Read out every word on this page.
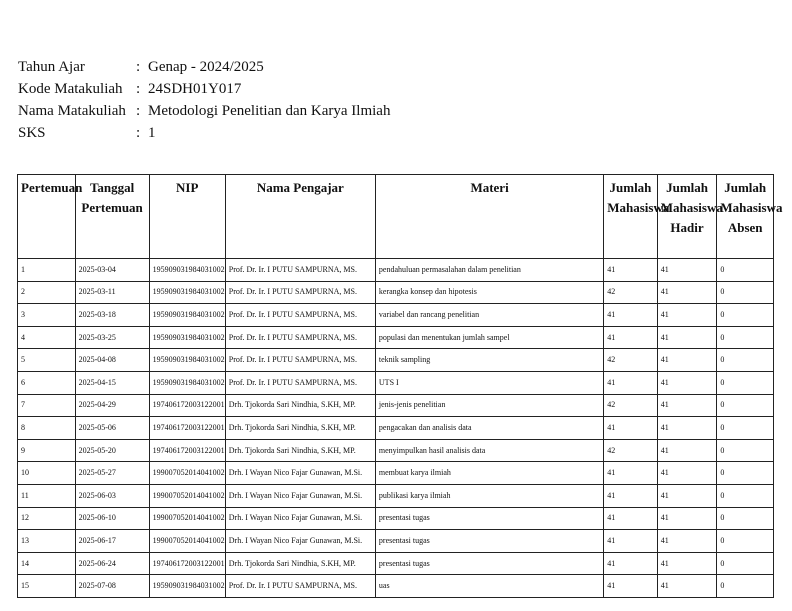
Tahun Ajar	: Genap - 2024/2025
Kode Matakuliah : 24SDH01Y017
Nama Matakuliah : Metodologi Penelitian dan Karya Ilmiah
SKS	: 1
Pertemuan	Tanggal Pertemuan	NIP	Nama Pengajar	Materi	Jumlah Mahasiswa	Jumlah Mahasiswa Hadir	Jumlah Mahasiswa Absen
1	2025-03-04	195909031984031002	Prof. Dr. Ir. I PUTU SAMPURNA, MS.	pendahuluan permasalahan dalam penelitian	41	41	0
2	2025-03-11	195909031984031002	Prof. Dr. Ir. I PUTU SAMPURNA, MS.	kerangka konsep dan hipotesis	42	41	0
3	2025-03-18	195909031984031002	Prof. Dr. Ir. I PUTU SAMPURNA, MS.	variabel dan rancang penelitian	41	41	0
4	2025-03-25	195909031984031002	Prof. Dr. Ir. I PUTU SAMPURNA, MS.	populasi dan menentukan jumlah sampel	41	41	0
5	2025-04-08	195909031984031002	Prof. Dr. Ir. I PUTU SAMPURNA, MS.	teknik sampling	42	41	0
6	2025-04-15	195909031984031002	Prof. Dr. Ir. I PUTU SAMPURNA, MS.	UTS I	41	41	0
7	2025-04-29	197406172003122001	Drh. Tjokorda Sari Nindhia, S.KH, MP.	jenis-jenis penelitian	42	41	0
8	2025-05-06	197406172003122001	Drh. Tjokorda Sari Nindhia, S.KH, MP.	pengacakan dan analisis data	41	41	0
9	2025-05-20	197406172003122001	Drh. Tjokorda Sari Nindhia, S.KH, MP.	menyimpulkan hasil analisis data	42	41	0
10	2025-05-27	199007052014041002	Drh. I Wayan Nico Fajar Gunawan, M.Si.	membuat karya ilmiah	41	41	0
11	2025-06-03	199007052014041002	Drh. I Wayan Nico Fajar Gunawan, M.Si.	publikasi karya ilmiah	41	41	0
12	2025-06-10	199007052014041002	Drh. I Wayan Nico Fajar Gunawan, M.Si.	presentasi tugas	41	41	0
13	2025-06-17	199007052014041002	Drh. I Wayan Nico Fajar Gunawan, M.Si.	presentasi tugas	41	41	0
14	2025-06-24	197406172003122001	Drh. Tjokorda Sari Nindhia, S.KH, MP.	presentasi tugas	41	41	0
15	2025-07-08	195909031984031002	Prof. Dr. Ir. I PUTU SAMPURNA, MS.	uas	41	41	0
